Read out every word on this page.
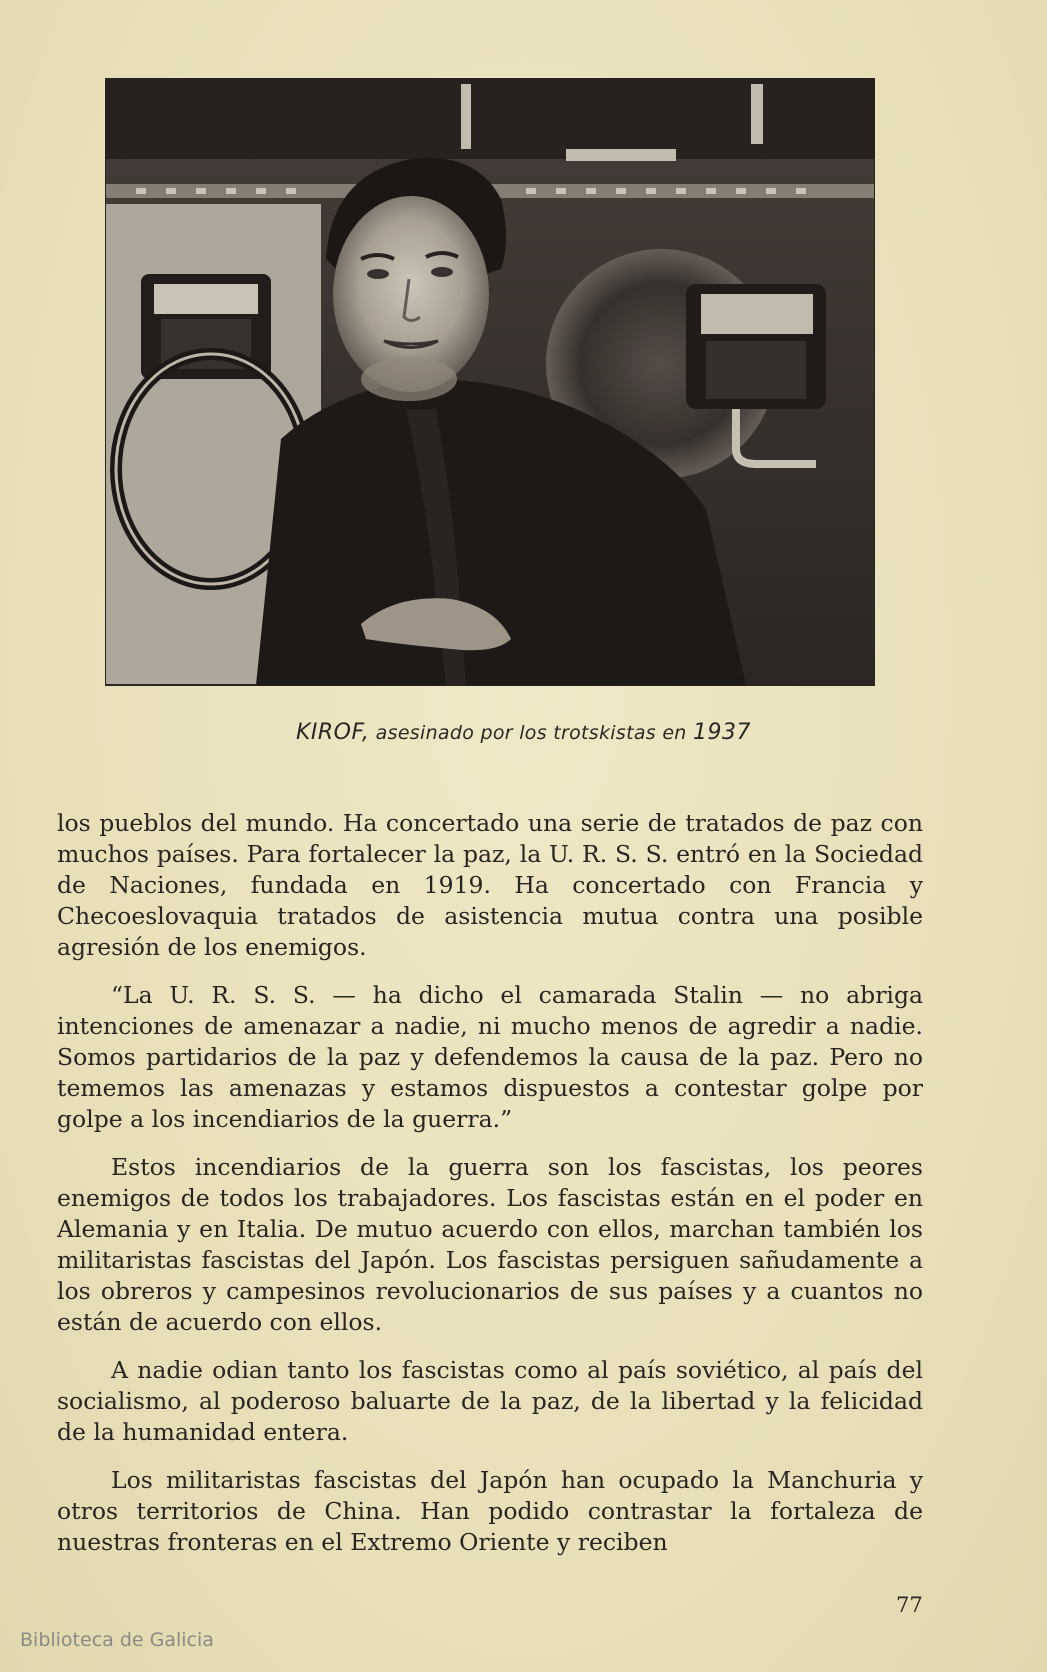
KIROF, asesinado por los trotskistas en 1937

los pueblos del mundo. Ha concertado una serie de tratados de paz con muchos países. Para fortalecer la paz, la U. R. S. S. entró en la Sociedad de Naciones, fundada en 1919. Ha concertado con Francia y Checoeslovaquia tratados de asistencia mutua contra una posible agresión de los enemigos.

“La U. R. S. S. — ha dicho el camarada Stalin — no abriga intenciones de amenazar a nadie, ni mucho menos de agredir a nadie. Somos partidarios de la paz y defendemos la causa de la paz. Pero no tememos las amenazas y estamos dispuestos a contestar golpe por golpe a los incendiarios de la guerra.”

Estos incendiarios de la guerra son los fascistas, los peores enemigos de todos los trabajadores. Los fascistas están en el poder en Alemania y en Italia. De mutuo acuerdo con ellos, marchan también los militaristas fascistas del Japón. Los fascistas persiguen sañudamente a los obreros y campesinos revolucionarios de sus países y a cuantos no están de acuerdo con ellos.

A nadie odian tanto los fascistas como al país soviético, al país del socialismo, al poderoso baluarte de la paz, de la libertad y la felicidad de la humanidad entera.

Los militaristas fascistas del Japón han ocupado la Manchuria y otros territorios de China. Han podido contrastar la fortaleza de nuestras fronteras en el Extremo Oriente y reciben

77
Biblioteca de Galicia
